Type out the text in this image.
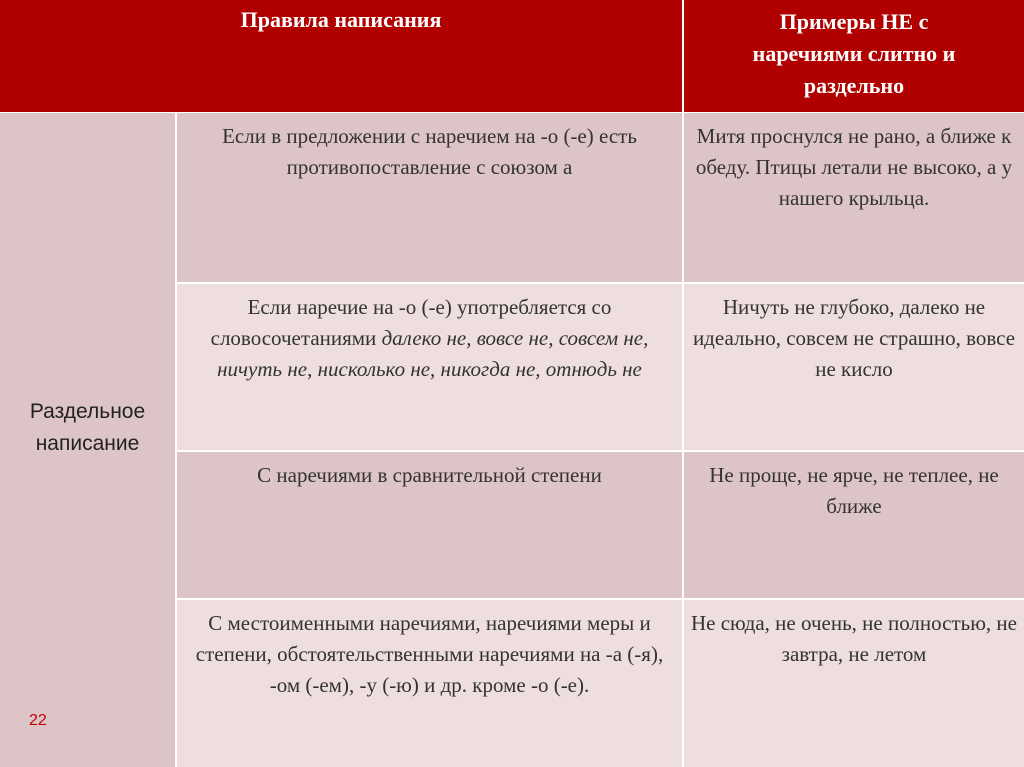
Правила написания	Примеры НЕ с
наречиями слитно и
раздельно
Раздельное
написание
Если в предложении с наречием на -о (-е) есть противопоставление с союзом а
Митя проснулся не рано, а ближе к обеду. Птицы летали не высоко, а у нашего крыльца.
Если наречие на -о (-е) употребляется со словосочетаниями далеко не, вовсе не, совсем не, ничуть не, нисколько не, никогда не, отнюдь не
Ничуть не глубоко, далеко не идеально, совсем не страшно, вовсе не кисло
С наречиями в сравнительной степени	Не проще, не ярче, не теплее, не ближе
С местоименными наречиями, наречиями меры и степени, обстоятельственными наречиями на -а (-я), -ом (-ем), -у (-ю) и др. кроме -о (-е).
Не сюда, не очень, не полностью, не завтра, не летом
22
